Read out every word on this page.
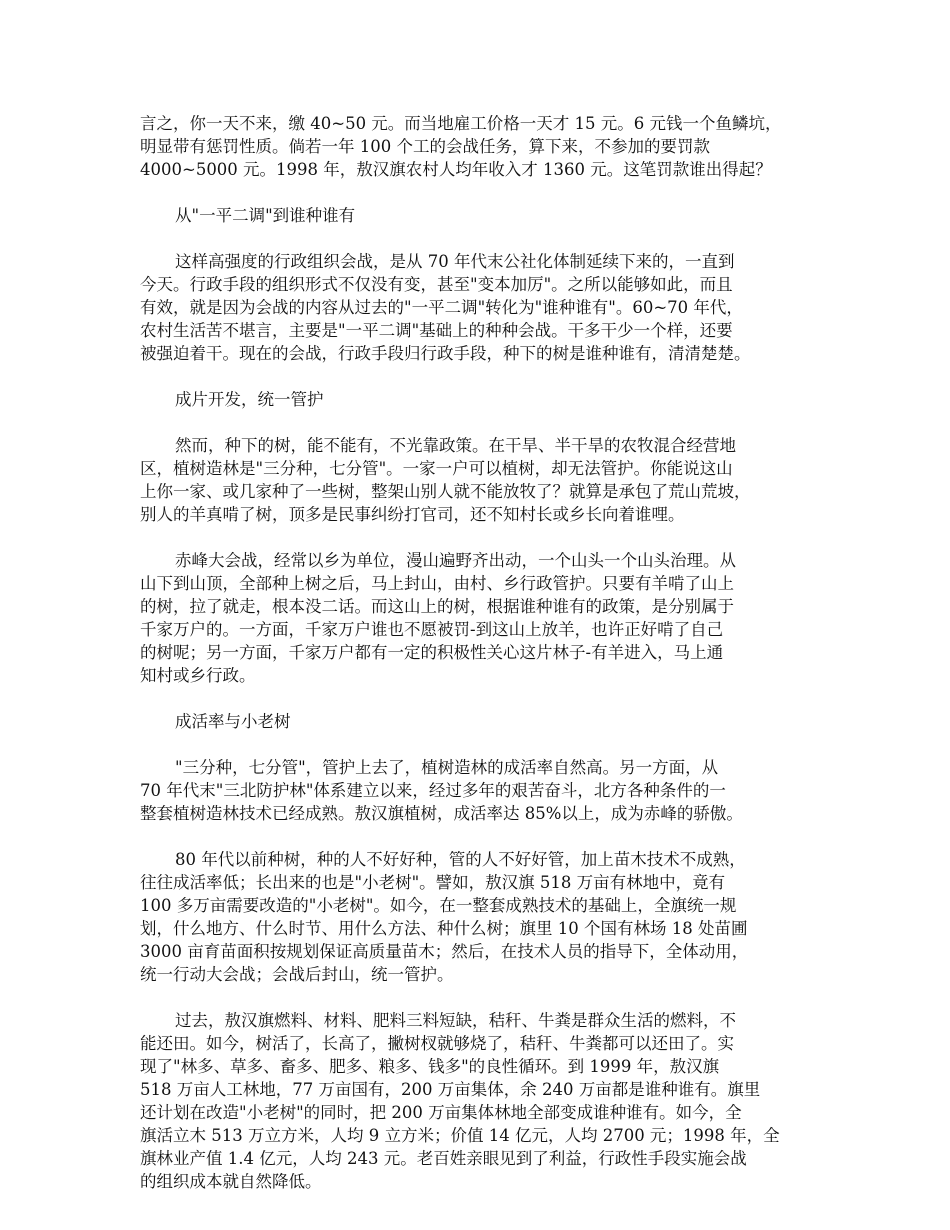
言之，你一天不来，缴 40~50 元。而当地雇工价格一天才 15 元。6 元钱一个鱼鳞坑，
明显带有惩罚性质。倘若一年 100 个工的会战任务，算下来，不参加的要罚款
4000~5000 元。1998 年，敖汉旗农村人均年收入才 1360 元。这笔罚款谁出得起？
从"一平二调"到谁种谁有
这样高强度的行政组织会战，是从 70 年代末公社化体制延续下来的，一直到
今天。行政手段的组织形式不仅没有变，甚至"变本加厉"。之所以能够如此，而且
有效，就是因为会战的内容从过去的"一平二调"转化为"谁种谁有"。60~70 年代，
农村生活苦不堪言，主要是"一平二调"基础上的种种会战。干多干少一个样，还要
被强迫着干。现在的会战，行政手段归行政手段，种下的树是谁种谁有，清清楚楚。
成片开发，统一管护
然而，种下的树，能不能有，不光靠政策。在干旱、半干旱的农牧混合经营地
区，植树造林是"三分种，七分管"。一家一户可以植树，却无法管护。你能说这山
上你一家、或几家种了一些树，整架山别人就不能放牧了？就算是承包了荒山荒坡，
别人的羊真啃了树，顶多是民事纠纷打官司，还不知村长或乡长向着谁哩。
赤峰大会战，经常以乡为单位，漫山遍野齐出动，一个山头一个山头治理。从
山下到山顶，全部种上树之后，马上封山，由村、乡行政管护。只要有羊啃了山上
的树，拉了就走，根本没二话。而这山上的树，根据谁种谁有的政策，是分别属于
千家万户的。一方面，千家万户谁也不愿被罚-到这山上放羊，也许正好啃了自己
的树呢；另一方面，千家万户都有一定的积极性关心这片林子-有羊进入，马上通
知村或乡行政。
成活率与小老树
"三分种，七分管"，管护上去了，植树造林的成活率自然高。另一方面，从
70 年代末"三北防护林"体系建立以来，经过多年的艰苦奋斗，北方各种条件的一
整套植树造林技术已经成熟。敖汉旗植树，成活率达 85%以上，成为赤峰的骄傲。
80 年代以前种树，种的人不好好种，管的人不好好管，加上苗木技术不成熟，
往往成活率低；长出来的也是"小老树"。譬如，敖汉旗 518 万亩有林地中，竟有
100 多万亩需要改造的"小老树"。如今，在一整套成熟技术的基础上，全旗统一规
划，什么地方、什么时节、用什么方法、种什么树；旗里 10 个国有林场 18 处苗圃
3000 亩育苗面积按规划保证高质量苗木；然后，在技术人员的指导下，全体动用，
统一行动大会战；会战后封山，统一管护。
过去，敖汉旗燃料、材料、肥料三料短缺，秸秆、牛粪是群众生活的燃料，不
能还田。如今，树活了，长高了，撇树杈就够烧了，秸秆、牛粪都可以还田了。实
现了"林多、草多、畜多、肥多、粮多、钱多"的良性循环。到 1999 年，敖汉旗
518 万亩人工林地，77 万亩国有，200 万亩集体，余 240 万亩都是谁种谁有。旗里
还计划在改造"小老树"的同时，把 200 万亩集体林地全部变成谁种谁有。如今，全
旗活立木 513 万立方米，人均 9 立方米；价值 14 亿元，人均 2700 元；1998 年，全
旗林业产值 1.4 亿元，人均 243 元。老百姓亲眼见到了利益，行政性手段实施会战
的组织成本就自然降低。
